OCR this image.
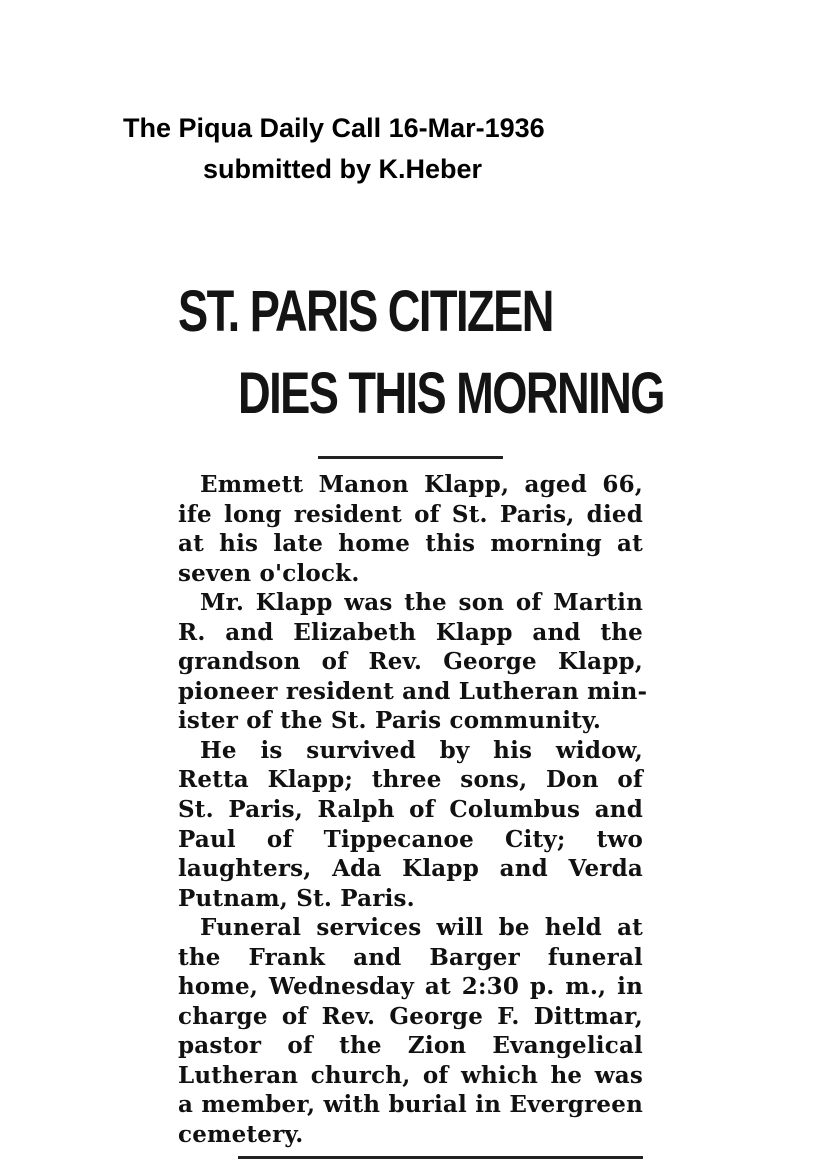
The Piqua Daily Call 16-Mar-1936
submitted by K.Heber
ST. PARIS CITIZEN
DIES THIS MORNING
Emmett Manon Klapp, aged 66,
ife long resident of St. Paris, died
at his late home this morning at
seven o'clock.
Mr. Klapp was the son of Martin
R. and Elizabeth Klapp and the
grandson of Rev. George Klapp,
pioneer resident and Lutheran min-
ister of the St. Paris community.
He is survived by his widow,
Retta Klapp; three sons, Don of
St. Paris, Ralph of Columbus and
Paul of Tippecanoe City; two
laughters, Ada Klapp and Verda
Putnam, St. Paris.
Funeral services will be held at
the Frank and Barger funeral
home, Wednesday at 2:30 p. m., in
charge of Rev. George F. Dittmar,
pastor of the Zion Evangelical
Lutheran church, of which he was
a member, with burial in Evergreen
cemetery.
